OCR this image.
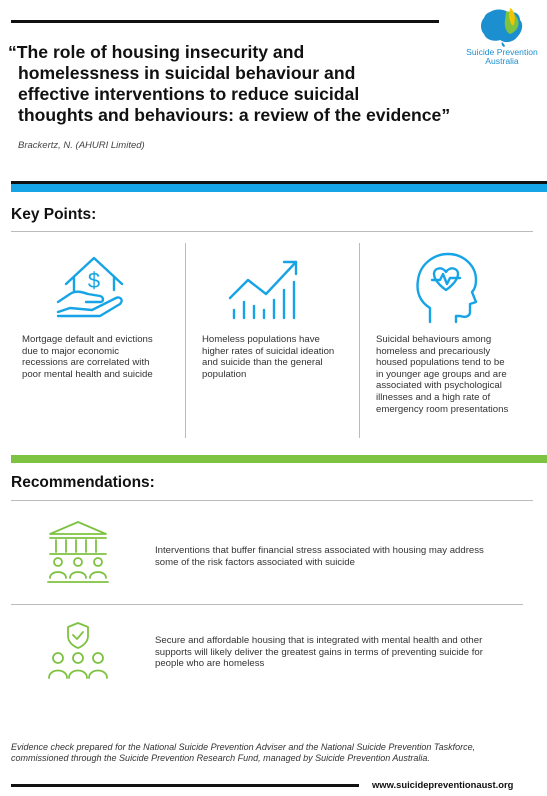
Suicide Prevention
Australia
“The role of housing insecurity and
homelessness in suicidal behaviour and
effective interventions to reduce suicidal
thoughts and behaviours: a review of the evidence”
Brackertz, N. (AHURI Limited)
Key Points:
$
Mortgage default and evictions
due to major economic
recessions are correlated with
poor mental health and suicide
Homeless populations have
higher rates of suicidal ideation
and suicide than the general
population
Suicidal behaviours among
homeless and precariously
housed populations tend to be
in younger age groups and are
associated with psychological
illnesses and a high rate of
emergency room presentations
Recommendations:
Interventions that buffer financial stress associated with housing may address
some of the risk factors associated with suicide
Secure and affordable housing that is integrated with mental health and other
supports will likely deliver the greatest gains in terms of preventing suicide for
people who are homeless
Evidence check prepared for the National Suicide Prevention Adviser and the National Suicide Prevention Taskforce,
commissioned through the Suicide Prevention Research Fund, managed by Suicide Prevention Australia.
www.suicidepreventionaust.org
